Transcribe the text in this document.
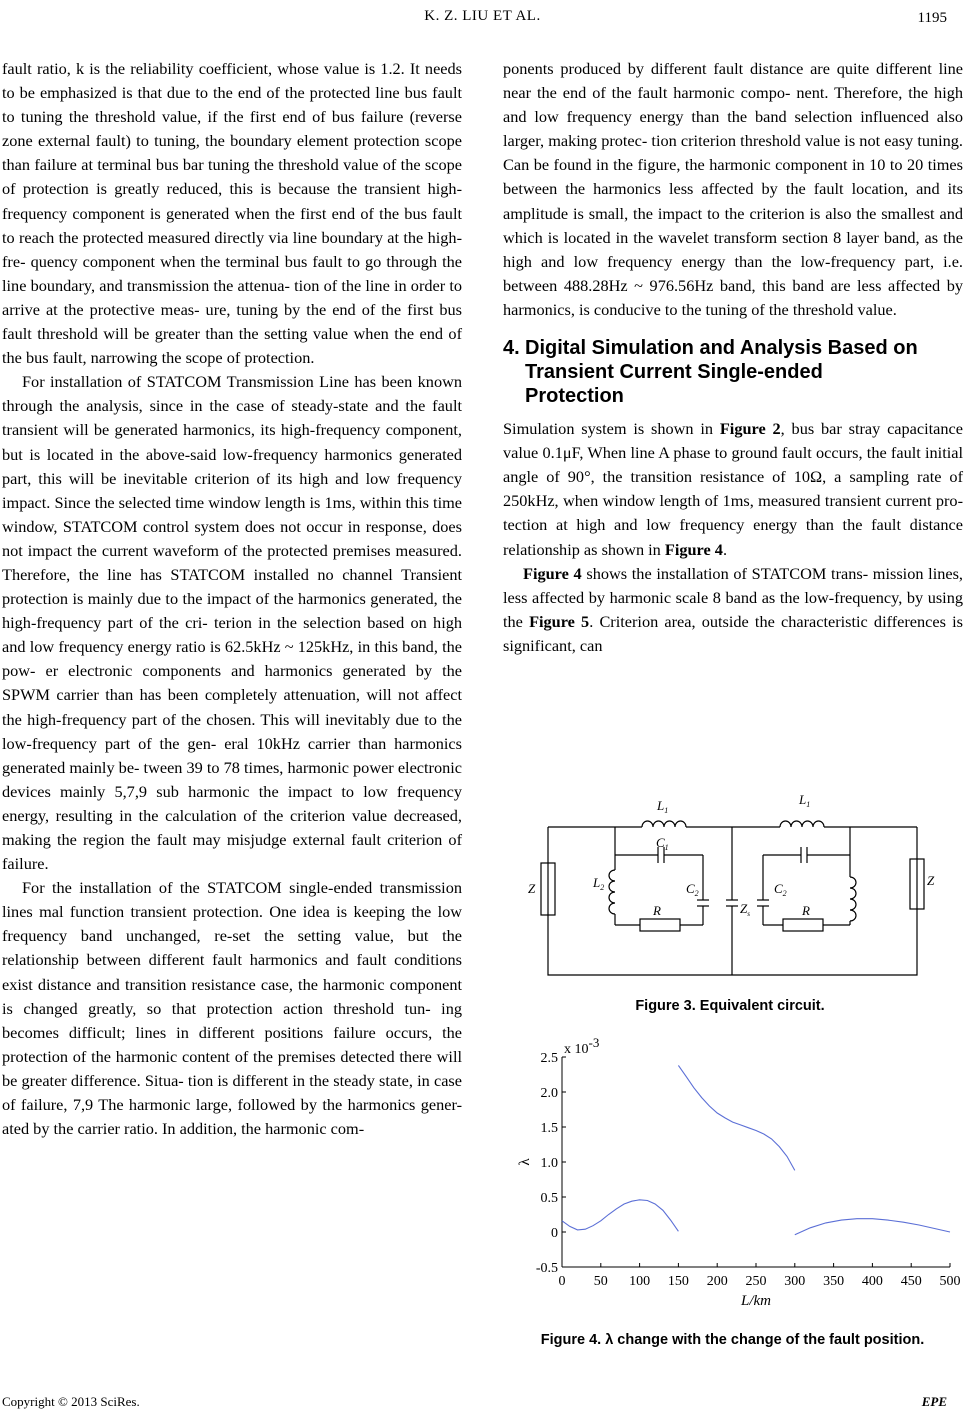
K. Z. LIU ET AL.	1195

fault ratio, k is the reliability coefficient, whose value is 1.2. It needs to be emphasized is that due to the end of the protected line bus fault to tuning the threshold value, if the first end of bus failure (reverse zone external fault) to tuning, the boundary element protection scope than failure at terminal bus bar tuning the threshold value of the scope of protection is greatly reduced, this is because the transient high-frequency component is generated when the first end of the bus fault to reach the protected measured directly via line boundary at the high-fre- quency component when the terminal bus fault to go through the line boundary, and transmission the attenua- tion of the line in order to arrive at the protective meas- ure, tuning by the end of the first bus fault threshold will be greater than the setting value when the end of the bus fault, narrowing the scope of protection.

For installation of STATCOM Transmission Line has been known through the analysis, since in the case of steady-state and the fault transient will be generated harmonics, its high-frequency component, but is located in the above-said low-frequency harmonics generated part, this will be inevitable criterion of its high and low frequency impact. Since the selected time window length is 1ms, within this time window, STATCOM control system does not occur in response, does not impact the current waveform of the protected premises measured. Therefore, the line has STATCOM installed no channel Transient protection is mainly due to the impact of the harmonics generated, the high-frequency part of the cri- terion in the selection based on high and low frequency energy ratio is 62.5kHz ~ 125kHz, in this band, the pow- er electronic components and harmonics generated by the SPWM carrier than has been completely attenuation, will not affect the high-frequency part of the chosen. This will inevitably due to the low-frequency part of the gen- eral 10kHz carrier than harmonics generated mainly be- tween 39 to 78 times, harmonic power electronic devices mainly 5,7,9 sub harmonic the impact to low frequency energy, resulting in the calculation of the criterion value decreased, making the region the fault may misjudge external fault criterion of failure.

For the installation of the STATCOM single-ended transmission lines mal function transient protection. One idea is keeping the low frequency band unchanged, re-set the setting value, but the relationship between different fault harmonics and fault conditions exist distance and transition resistance case, the harmonic component is changed greatly, so that protection action threshold tun- ing becomes difficult; lines in different positions failure occurs, the protection of the harmonic content of the premises detected there will be greater difference. Situa- tion is different in the steady state, in case of failure, 7,9 The harmonic large, followed by the harmonics gener- ated by the carrier ratio. In addition, the harmonic com-

ponents produced by different fault distance are quite different line near the end of the fault harmonic compo- nent. Therefore, the high and low frequency energy than the band selection influenced also larger, making protec- tion criterion threshold value is not easy tuning. Can be found in the figure, the harmonic component in 10 to 20 times between the harmonics less affected by the fault location, and its amplitude is small, the impact to the criterion is also the smallest and which is located in the wavelet transform section 8 layer band, as the high and low frequency energy than the low-frequency part, i.e. between 488.28Hz ~ 976.56Hz band, this band are less affected by harmonics, is conducive to the tuning of the threshold value.

4. Digital Simulation and Analysis Based on
Transient Current Single-ended
Protection

Simulation system is shown in Figure 2, bus bar stray capacitance value 0.1μF, When line A phase to ground fault occurs, the fault initial angle of 90°, the transition resistance of 10Ω, a sampling rate of 250kHz, when window length of 1ms, measured transient current pro- tection at high and low frequency energy than the fault distance relationship as shown in Figure 4.

Figure 4 shows the installation of STATCOM trans- mission lines, less affected by harmonic scale 8 band as the low-frequency, by using the Figure 5. Criterion area, outside the characteristic differences is significant, can

$L_1$
$L_1$
$C_1$
$L_2$	$C_2$	$C_2$
$Z_s$
R	R
Z
Z
Figure 3. Equivalent circuit.
2.5
2.0
1.5
1.0
0.5
0
-0.5
0 50 100 150 200 250 300 350 400 450 500
x 10-3
L/km
λ
Figure 4. λ change with the change of the fault position.
Copyright © 2013 SciRes.	EPE
